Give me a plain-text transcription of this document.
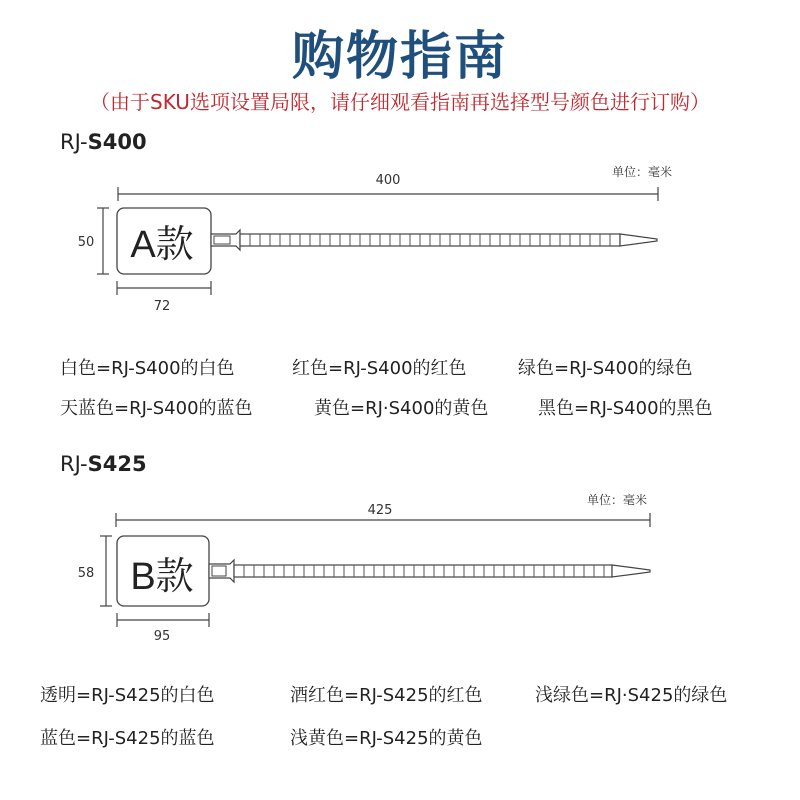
购物指南
（由于SKU选项设置局限，请仔细观看指南再选择型号颜色进行订购）
RJ-S400
单位：毫米
400
50 A款
72
白色=RJ-S400的白色	红色=RJ-S400的红色	绿色=RJ-S400的绿色
天蓝色=RJ-S400的蓝色	黄色=RJ·S400的黄色	黑色=RJ-S400的黑色
RJ-S425
单位：毫米
425
58 B款
95
透明=RJ-S425的白色	酒红色=RJ-S425的红色	浅绿色=RJ·S425的绿色
蓝色=RJ-S425的蓝色	浅黄色=RJ-S425的黄色
